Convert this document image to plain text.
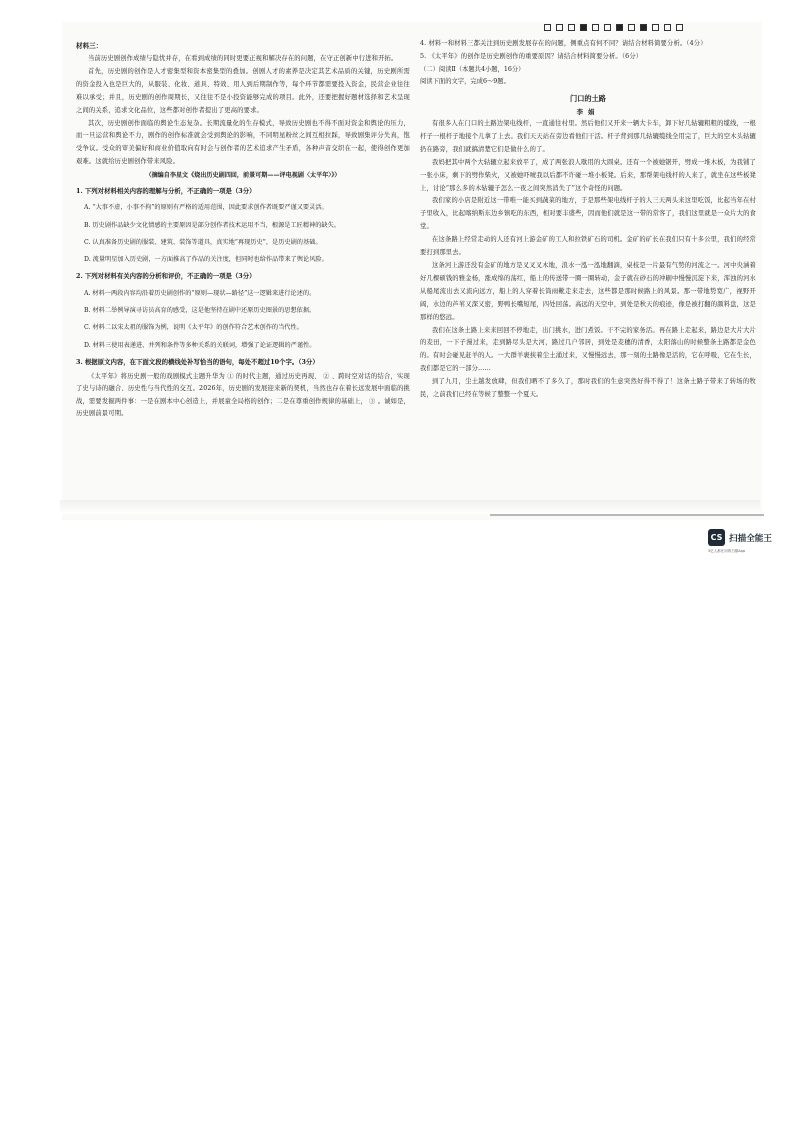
材料三：

当前历史剧创作成绩与隐忧并存，在看到成绩的同时更要正视和解决存在的问题，在守正创新中行进和开拓。

首先，历史剧的创作是人才密集型和资本密集型的叠加。创剧人才的素养是决定其艺术品质的关键，历史剧所需的资金投入也是巨大的，从服装、化妆、道具、特效、用人到后期制作等，每个环节都需要投入资金，民营企业往往难以承受；并且，历史剧的创作周期长，又往往不是小投资能够完成的项目。此外，还要把握好题材选择和艺术呈现之间的关系，追求文化品位，这些都对创作者提出了更高的要求。

其次，历史剧创作面临的舆论生态复杂。长期流量化的生存模式，导致历史剧也不得不面对资金和舆论的压力，而一旦运营和舆论不力，剧作的创作标准就会受到舆论的影响，不同明星粉丝之间互相拉踩，导致剧集评分失真，饱受争议。受众的审美偏好和商业价值取向有时会与创作者的艺术追求产生矛盾，各种声音交织在一起，使得创作更加艰难。这就给历史剧创作带来风险。

（摘编自李星文《烧出历史剧四回，前景可期——评电视剧〈太平年〉》）
1. 下列对材料相关内容的理解与分析，不正确的一项是（3分）
A. “大事不虚，小事不拘”的原则有严格的适用范围，因此要求创作者既要严谨又要灵活。
B. 历史剧作品缺少文化情感的主要原因是部分创作者技术运用不当，根源是工匠精神的缺失。
C. 认真准备历史剧的服装、建筑、装饰等道具，真实地“再现历史”，是历史剧的基础。
D. 流量明星加入历史剧，一方面推高了作品的关注度，但同时也给作品带来了舆论风险。
2. 下列对材料有关内容的分析和评价，不正确的一项是（3分）
A. 材料一两段内容均沿着历史剧创作的“原则—现状—路径”这一逻辑来进行论述的。
B. 材料二举例导演寻访员高育的感受，这是他坚持在剧中还原历史图景的思想依据。
C. 材料二以宋太祖的服饰为例，说明《太平年》的创作符合艺术创作的当代性。
D. 材料三使用表递进、并列和条件等多种关系的关联词，增强了论证逻辑的严谨性。
3. 根据原文内容，在下面文段的横线处补写恰当的语句，每处不超过10个字。（3分）

《太平年》将历史剧一般的戏剧模式主题升华为 ① 的时代主题，通过历史再现、 ② 、跨时空对话的结合，实现了史与诗的融合、历史性与当代性的交互。2026年，历史剧的发展迎来新的契机，当然也存在着长远发展中面临的挑战，需要发掘两件事：一是在剧本中心创造上，并展童全局格的创作；二是在尊重创作规律的基础上， ③ 。诚如是，历史剧前景可期。

4. 材料一和材料三都关注到历史剧发展存在的问题，侧重点有何不同？请结合材料简要分析。（4分）

5. 《太平年》的创作是历史剧创作的重要原因？请结合材料简要分析。（6分）

（二）阅读Ⅱ（本题共4小题，16分）
阅读下面的文字，完成6～9题。
门口的土路
李娟

有很多人在门口的土路边架电线杆，一直通往村里。然后他们又开来一辆大卡车，卸下好几轱辘粗粗的缆线，一根杆子一根杆子地接个儿拿了上去。我们天天站在旁边看他们干活。杆子背到那几轱辘缆线全用完了，巨大的空木头轱辘扔在路旁，我们就搞清楚它们是做什么的了。

我妈把其中两个大轱辘立起来放平了，成了两张浪人歇用的大圆桌。还有一个被她锯开，劈成一堆木板，为我铺了一张小床，剩下的劈作柴火，又被她吓唬我以后都不许碰一堆小板凳。后来，那帮架电线杆的人来了，就坐在这些板凳上，讨论“那么多的木轱辘子怎么一夜之间突然消失了”这个奇怪的问题。

我们家的小店是附近这一带唯一能买到蔬菜的地方，于是那些架电线杆子的人三天两头来这里吃饭，比起当年在村子里收入，比起喀纳斯东边乡镇吃的东西，相对要丰盛些，因而他们就是这一带的常客了，我们这里就是一众片大的食堂。

在这条路上经常走动的人还有河上游金矿的工人和拉铁矿石的司机。金矿的矿长在我们只有十多公里，我们的经常要打到那里去。

这条河上游还没有金矿的地方是叉叉叉木地，浪水一泓一泓地翻滴，桌枝是一片最有气势的河流之一。河中央涵着好几棵硕钱的雅金杨，涨成绵的荡红，船上的传送带一圈一圈转动，金子就在砂石的冲刷中慢慢沉淀下来，浑浊的河水从船尾流出去又流向远方，船上的人穿着长筒雨靴走来走去，这些都是那时候路上的风景。那一带地势宽广，视野开阔，水边的芦苇又深又密，野鸭长嘴短尾，四处回荡。高远的天空中，到处是秋天的痕迹，像是被打翻的颜料盘，这是那样的悠远。

我们在这条土路上来来回回不停地走，出门挑水，进门煮饭。干不完的家务活。再在路上走起来，路边是大片大片的麦田，一下子漫过来，走到路尽头是大河，路过几户邻居，到处是麦穗的清香，太阳落山的时候整条土路都是金色的。有时会碰见赶羊的人。一大群羊裹挟着尘土涌过来，又慢慢远去，那一刻的土路像是活的，它在呼吸，它在生长，我们都是它的一部分……

到了九月，尘土越发放肆，但我们晒不了多久了，那时我们的生意突然好得不得了！这条土路子带来了转场的牧民，之前我们已经在等候了整整一个夏天。

CS 扫描全能王
3亿人都在用的扫描App
